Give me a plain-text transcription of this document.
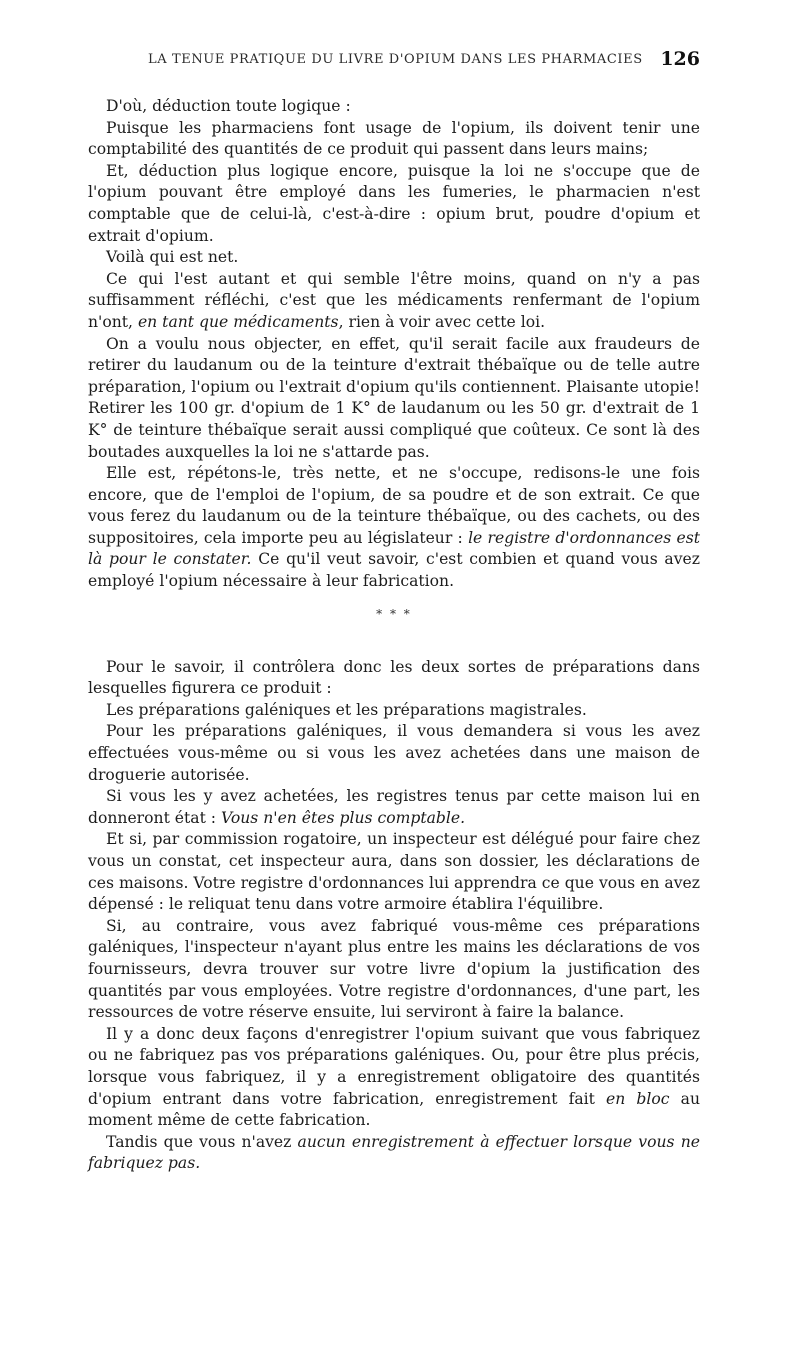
LA TENUE PRATIQUE DU LIVRE D'OPIUM DANS LES PHARMACIES 126

D'où, déduction toute logique :

Puisque les pharmaciens font usage de l'opium, ils doivent tenir une comptabilité des quantités de ce produit qui passent dans leurs mains;

Et, déduction plus logique encore, puisque la loi ne s'occupe que de l'opium pouvant être employé dans les fumeries, le pharmacien n'est comptable que de celui-là, c'est-à-dire : opium brut, poudre d'opium et extrait d'opium.

Voilà qui est net.

Ce qui l'est autant et qui semble l'être moins, quand on n'y a pas suffisamment réfléchi, c'est que les médicaments renfermant de l'opium n'ont, en tant que médicaments, rien à voir avec cette loi.

On a voulu nous objecter, en effet, qu'il serait facile aux fraudeurs de retirer du laudanum ou de la teinture d'extrait thébaïque ou de telle autre préparation, l'opium ou l'extrait d'opium qu'ils contiennent. Plaisante utopie! Retirer les 100 gr. d'opium de 1 K° de laudanum ou les 50 gr. d'extrait de 1 K° de teinture thébaïque serait aussi compliqué que coûteux. Ce sont là des boutades auxquelles la loi ne s'attarde pas.

Elle est, répétons-le, très nette, et ne s'occupe, redisons-le une fois encore, que de l'emploi de l'opium, de sa poudre et de son extrait. Ce que vous ferez du laudanum ou de la teinture thébaïque, ou des cachets, ou des suppositoires, cela importe peu au législateur : le registre d'ordonnances est là pour le constater. Ce qu'il veut savoir, c'est combien et quand vous avez employé l'opium nécessaire à leur fabrication.

* * *

Pour le savoir, il contrôlera donc les deux sortes de préparations dans lesquelles figurera ce produit :

Les préparations galéniques et les préparations magistrales.

Pour les préparations galéniques, il vous demandera si vous les avez effectuées vous-même ou si vous les avez achetées dans une maison de droguerie autorisée.

Si vous les y avez achetées, les registres tenus par cette maison lui en donneront état : Vous n'en êtes plus comptable.

Et si, par commission rogatoire, un inspecteur est délégué pour faire chez vous un constat, cet inspecteur aura, dans son dossier, les déclarations de ces maisons. Votre registre d'ordonnances lui apprendra ce que vous en avez dépensé : le reliquat tenu dans votre armoire établira l'équilibre.

Si, au contraire, vous avez fabriqué vous-même ces préparations galéniques, l'inspecteur n'ayant plus entre les mains les déclarations de vos fournisseurs, devra trouver sur votre livre d'opium la justification des quantités par vous employées. Votre registre d'ordonnances, d'une part, les ressources de votre réserve ensuite, lui serviront à faire la balance.

Il y a donc deux façons d'enregistrer l'opium suivant que vous fabriquez ou ne fabriquez pas vos préparations galéniques. Ou, pour être plus précis, lorsque vous fabriquez, il y a enregistrement obligatoire des quantités d'opium entrant dans votre fabrication, enregistrement fait en bloc au moment même de cette fabrication.

Tandis que vous n'avez aucun enregistrement à effectuer lorsque vous ne fabriquez pas.
